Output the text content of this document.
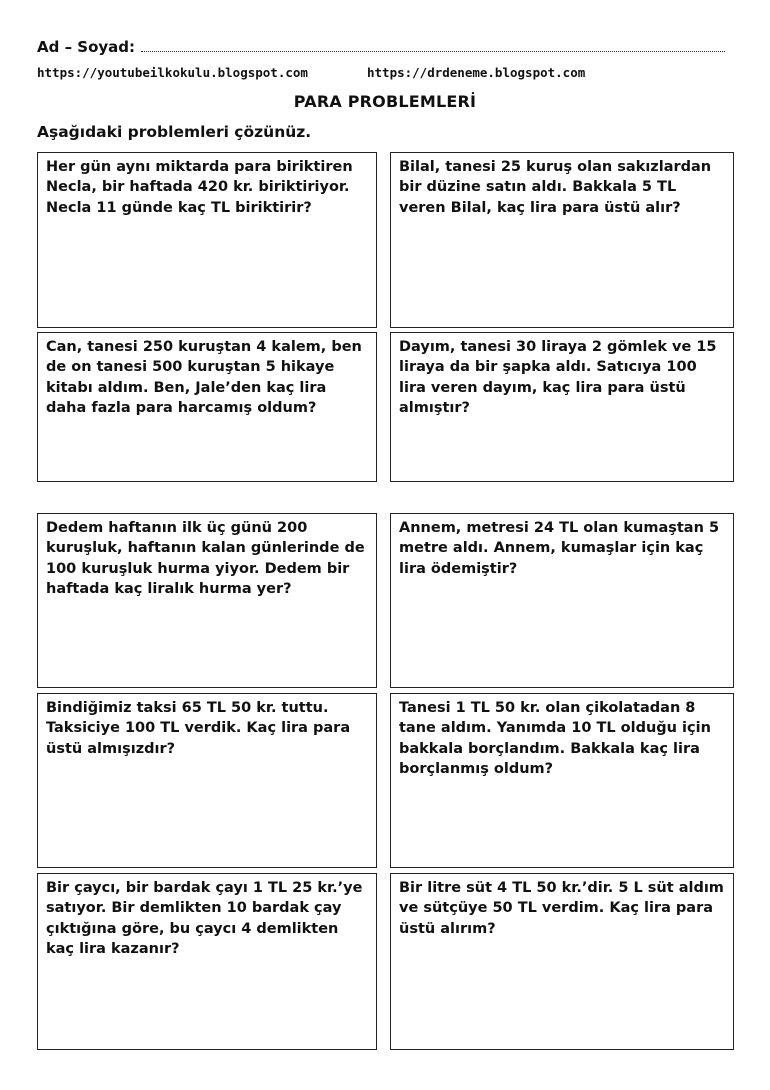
Ad – Soyad:
https://youtubeilkokulu.blogspot.com	https://drdeneme.blogspot.com
PARA PROBLEMLERİ
Aşağıdaki problemleri çözünüz.
Her gün aynı miktarda para biriktiren Necla, bir haftada 420 kr. biriktiriyor. Necla 11 günde kaç TL biriktirir?
Bilal, tanesi 25 kuruş olan sakızlardan bir düzine satın aldı. Bakkala 5 TL veren Bilal, kaç lira para üstü alır?
Can, tanesi 250 kuruştan 4 kalem, ben de on tanesi 500 kuruştan 5 hikaye kitabı aldım. Ben, Jale’den kaç lira daha fazla para harcamış oldum?
Dayım, tanesi 30 liraya 2 gömlek ve 15 liraya da bir şapka aldı. Satıcıya 100 lira veren dayım, kaç lira para üstü almıştır?
Dedem haftanın ilk üç günü 200 kuruşluk, haftanın kalan günlerinde de 100 kuruşluk hurma yiyor. Dedem bir haftada kaç liralık hurma yer?
Annem, metresi 24 TL olan kumaştan 5 metre aldı. Annem, kumaşlar için kaç lira ödemiştir?
Bindiğimiz taksi 65 TL 50 kr. tuttu. Taksiciye 100 TL verdik. Kaç lira para üstü almışızdır?
Tanesi 1 TL 50 kr. olan çikolatadan 8 tane aldım. Yanımda 10 TL olduğu için bakkala borçlandım. Bakkala kaç lira borçlanmış oldum?
Bir çaycı, bir bardak çayı 1 TL 25 kr.’ye satıyor. Bir demlikten 10 bardak çay çıktığına göre, bu çaycı 4 demlikten kaç lira kazanır?
Bir litre süt 4 TL 50 kr.’dir. 5 L süt aldım ve sütçüye 50 TL verdim. Kaç lira para üstü alırım?
